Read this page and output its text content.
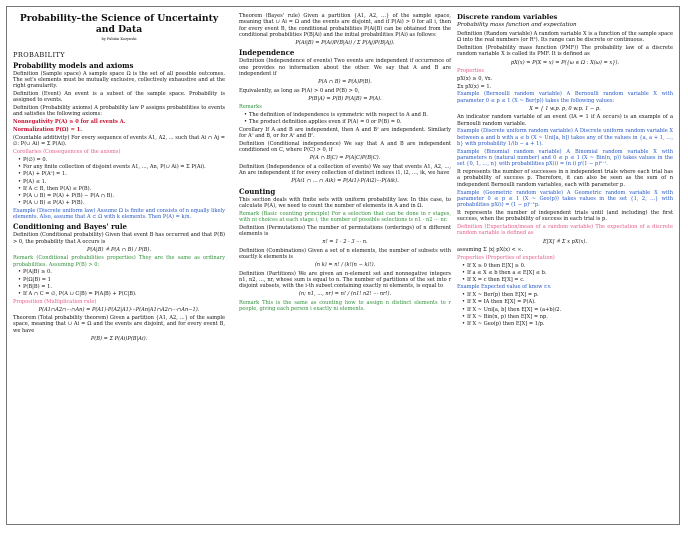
Probability–the Science of Uncertainty and Data
by Fabián Kozynski
PROBABILITY
Probability models and axioms

Definition (Sample space) A sample space Ω is the set of all possible outcomes. The set's elements must be mutually exclusive, collectively exhaustive and at the right granularity.

Definition (Event) An event is a subset of the sample space. Probability is assigned to events.

Definition (Probability axioms) A probability law P assigns probabilities to events and satisfies the following axioms:

Nonnegativity P(A) ≥ 0 for all events A.

Normalization P(Ω) = 1.

(Countable additivity) For every sequence of events A1, A2, ... such that Ai ∩ Aj = ∅: P(∪ Ai) = Σ P(Ai).

Corollaries (Consequences of the axioms)

• P(∅) = 0.
• For any finite collection of disjoint events A1, ..., An, P(∪ Ai) = Σ P(Ai).
• P(A) + P(Aᶜ) = 1.
• P(A) ≤ 1.
• If A ⊂ B, then P(A) ≤ P(B).
• P(A ∪ B) = P(A) + P(B) − P(A ∩ B).
• P(A ∪ B) ≤ P(A) + P(B).

Example (Discrete uniform law) Assume Ω is finite and consists of n equally likely elements. Also, assume that A ⊂ Ω with k elements. Then P(A) = k/n.

Conditioning and Bayes' rule

Definition (Conditional probability) Given that event B has occurred and that P(B) > 0, the probability that A occurs is

P(A|B) ≜ P(A ∩ B) / P(B).

Remark (Conditional probabilities properties) They are the same as ordinary probabilities. Assuming P(B) > 0:

• P(A|B) ≥ 0.
• P(Ω|B) = 1
• P(B|B) = 1.
• If A ∩ C = ∅, P(A ∪ C|B) = P(A|B) + P(C|B).

Proposition (Multiplication rule)

P(A1∩A2∩···∩An) = P(A1)·P(A2|A1)···P(An|A1∩A2∩···∩An−1).

Theorem (Total probability theorem) Given a partition {A1, A2, ...} of the sample space, meaning that ∪ Ai = Ω and the events are disjoint, and for every event B, we have

P(B) = Σ P(Ai)P(B|Ai).

Theorem (Bayes' rule) Given a partition {A1, A2, ...} of the sample space, meaning that ∪ Ai = Ω and the events are disjoint, and if P(Ai) > 0 for all i, then for every event B, the conditional probabilities P(Ai|B) can be obtained from the conditional probabilities P(B|Ai) and the initial probabilities P(Ai) as follows:

P(Ai|B) = P(Ai)P(B|Ai) / Σ P(Aj)P(B|Aj).

Independence

Definition (Independence of events) Two events are independent if occurrence of one provides no information about the other. We say that A and B are independent if

P(A ∩ B) = P(A)P(B).

Equivalently, as long as P(A) > 0 and P(B) > 0,

P(B|A) = P(B) P(A|B) = P(A).

Remarks

• The definition of independence is symmetric with respect to A and B.
• The product definition applies even if P(A) = 0 or P(B) = 0.

Corollary If A and B are independent, then A and Bᶜ are independent. Similarly for Aᶜ and B, or for Aᶜ and Bᶜ.

Definition (Conditional independence) We say that A and B are independent conditioned on C, where P(C) > 0, if

P(A ∩ B|C) = P(A|C)P(B|C).

Definition (Independence of a collection of events) We say that events A1, A2, ..., An are independent if for every collection of distinct indices i1, i2, ..., ik, we have

P(Ai1 ∩ ... ∩ Aik) = P(Ai1)·P(Ai2)···P(Aik).

Counting

This section deals with finite sets with uniform probability law. In this case, to calculate P(A), we need to count the number of elements in A and in Ω.

Remark (Basic counting principle) For a selection that can be done in r stages, with ni choices at each stage i, the number of possible selections is n1 · n2 ··· nr.

Definition (Permutations) The number of permutations (orderings) of n different elements is

n! = 1 · 2 · 3 ··· n.

Definition (Combinations) Given a set of n elements, the number of subsets with exactly k elements is

(n k) = n! / (k!(n − k)!).

Definition (Partitions) We are given an n-element set and nonnegative integers n1, n2, ..., nr, whose sum is equal to n. The number of partitions of the set into r disjoint subsets, with the i-th subset containing exactly ni elements, is equal to

(n; n1, ..., nr) = n! / (n1! n2! ··· nr!).

Remark This is the same as counting how to assign n distinct elements to r people, giving each person i exactly ni elements.

Discrete random variables
Probability mass function and expectation

Definition (Random variable) A random variable X is a function of the sample space Ω into the real numbers (or Rⁿ). Its range can be discrete or continuous.

Definition (Probability mass function (PMF)) The probability law of a discrete random variable X is called its PMF. It is defined as

pX(x) = P(X = x) = P({ω ∈ Ω : X(ω) = x}).

Properties

pX(x) ≥ 0, ∀x.

Σx pX(x) = 1.

Example (Bernoulli random variable) A Bernoulli random variable X with parameter 0 ≤ p ≤ 1 (X ~ Ber(p)) takes the following values:

X = { 1 w.p. p, 0 w.p. 1 − p.

An indicator random variable of an event (IA = 1 if A occurs) is an example of a Bernoulli random variable.

Example (Discrete uniform random variable) A Discrete uniform random variable X between a and b with a ≤ b (X ~ Uni[a, b]) takes any of the values in {a, a + 1, ..., b} with probability 1/(b − a + 1).

Example (Binomial random variable) A Binomial random variable X with parameters n (natural number) and 0 ≤ p ≤ 1 (X ~ Bin(n, p)) takes values in the set {0, 1, ..., n} with probabilities pX(i) = (n i) pⁱ(1 − p)ⁿ⁻ⁱ.

It represents the number of successes in n independent trials where each trial has a probability of success p. Therefore, it can also be seen as the sum of n independent Bernoulli random variables, each with parameter p.

Example (Geometric random variable) A Geometric random variable X with parameter 0 ≤ p ≤ 1 (X ~ Geo(p)) takes values in the set {1, 2, ...} with probabilities pX(i) = (1 − p)ⁱ⁻¹p.

It represents the number of independent trials until (and including) the first success, when the probability of success in each trial is p.

Definition (Expectation/mean of a random variable) The expectation of a discrete random variable is defined as

E[X] ≜ Σ x pX(x).

assuming Σ |x| pX(x) < ∞.

Properties (Properties of expectation)

• If X ≥ 0 then E[X] ≥ 0.
• If a ≤ X ≤ b then a ≤ E[X] ≤ b.
• If X = c then E[X] = c.

Example Expected value of know r.v.

• If X ~ Ber(p) then E[X] = p.
• If X = IA then E[X] = P(A).
• If X ~ Uni[a, b] then E[X] = (a+b)/2.
• If X ~ Bin(n, p) then E[X] = np.
• If X ~ Geo(p) then E[X] = 1/p.
